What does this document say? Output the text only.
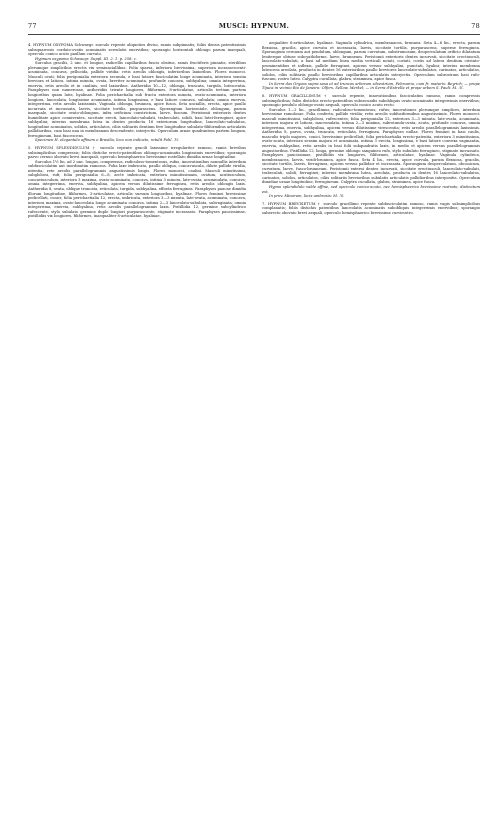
77	MUSCI: HYPNUM.	78

4. HYPNUM OXYPOMA Schwaegr. surculo repente aliquoties diviso, ramis subpinnatis; foliis densis patentissimis subsquarrosis cordato-ovatis acuminatis serrulatis enerviibus; sporangio horizontali oblongo parum inaequali, operculo conico acuto paullum curvato.

Hypnum oxypoma Schwaegr. Suppl. III. 2. 1. p. 258. c.

Surculus gracilis, 2 unc. et longior, radicellis capillaribus fuscis obsitus, ramis fructiferis pinnatis, sterilibus plerumque simplicibus erectis vix semiunciallibus. Folia sparsa, inferiora brevissima, superiora incrassescenti-acuminata, concava, pellucida, pallide viridia: retis areolis oblongis, inferioribus laxioribus. Flores monoeci. Masculi ovati; folia perigonialia exteriora secunda, e basi latiore fasciculatim longe acuminata, interiora sensim breviora et latiora, intima minuta, ovata, breviter acuminata, profunde concava, subhyalina; omnia integerrima, enervia, retis areolis et in caulinis, sed laxioribus. Antheridia 10—12, oblonga, truncata, turgida, lutescentia. Paraphyses non numerosae, antheridiis triente longiores, filiformes, 8-articulatae, articulis tertiam partem longioribus quam latis, hyalinae. Folia perichaetialia sub fructu exteriora minuta, ovato-acuminata, interiora longiora, lanceolata, longissime acuminata, intima longissima, e basi latiore concava, subulata; omnia enervia, integerrima, retis areolis laxissimis. Vaginula oblonga, brunnea, apice fusca. Seta unciallis, erecta, apice paullo incurvata et incrassata, laevis, siccitate tortilis, purpurascens. Sporangium horizontale, oblongum, parum inaequale, siccitate ovato-oblongum, infra orificium constrictum, laeve, fuscum. Peristomii exterioris dentes humiditate apice conniventes, siccitate erecti, lanceolato-subulati, trabeculati, solidi, basi lutei-ferruginei, apice subhyalini; interius membrana lutea in dentes producta 16 exteriorum longitudine, lanceolato-subulatos, longitudine acuminatos, solidos, articulatos, ciliis solitariis dentium fere longitudine subulato-filiformibus articulatis pallidioribus, cum basi una in membranam descendente, interjectis. Operculum urnae quadrantem partem longum, ferrugineum, basi fuscescens.

Specimen H. elegantulo affinem e Brasilia, loco non indicato, retulit Pohl. ℳ.

5. HYPNUM SPLENDIDULUM † surculo repente gracili laxissime irregulariter ramoso, ramis brevibus subsimplicibus compressis; foliis distiche erecto-patentibus oblongo-acuminatis longissimis enerviibus; sporangio parvo cernuo obovato brevi inaequali, operculo hemisphaerico brevissime rostellato dimidia urnae longitudine.

Surculus 1½ lin. ad 2 unc. longus, compressus, radiculoso-tomentosus, rufus, innovationibus nonnullis interdum subfasciculatim aut inordinatim ramosus. Folia laxe imbricata, paullo obliqua, concavuscula, dilute pallide viridia, nitentia; rete areolis parallelogrammis angustissimis longis. Flores monoeci, caulini. Masculi minutissimi, subglobosi, rufi; folia perigonialia 6—8, arcte imbricata, exteriora minutissimum, ovatum, acutiusculum, concaviusculum, interiora 3 maxima, ovato-acuminata, concava, intima 3 minora, late-ovata, acuminulata, concava; omnia integerrima, enervia, subhyalina, apicem versus dilutissime ferruginea, retis areolis oblongis laxis. Antheridia 8, ovata, oblique truncata, reticulata, turgida, subhyalina, effoeta ferruginea. Paraphyses paucae dimidia illorum longitudine, filiformes, 3-articulatae, articulis sursum longioribus, hyalinae. Flores feminei brevissime pedicellati, conici; folia perichaetialia 12, erecta, imbricata, exteriora 3—3 minuta, late-ovata, acuminata, concava, interiora maxima, ovato-lanceolata longe acuminata concava, intima 2—3 lanceolato-subulata, subvaginata; omnia integerrima, enervia, subhyalina, retis areolis parallelogrammis laxis. Pistillidia 12, germine subcylindrico rufescente, stylo subulato germine duplo longiori purpurascente, stigmate incrassato. Paraphyses paucissimae, pistillidiis vix longiores, filiformes, inaequaliter 6-articulatae, hyalinae.

aequaliter 6-articulatae, hyalinae. Vaginula cylindrica, membranacea, brunnea. Seta 4—6 lin., erecta, parum flexuosa, gracilis, apice curvata et incrassata, laevis, siccitate tortilis, purpurascens, superne ferruginea. Sporangium cernuum aut pendulum, oblongum, parum curvatum, substrumosum, deoperculatum orificio dilatatum leniterque obtuse subcyathiforme, laeve, brunneum. Peristomii exterioris dentes incurvati, siccitate crectiusculi, lanceolato-subulati, a basi ad medium linea media verticali notati, costati, costis ad latera dentium cristato-prominentibus et inflexis, pallide ferruginei, apicem versus subhyalini, punctati, hyalini; interius membrana lutescens areolata, producta in dentes 16 exterioribus paullo breviores lanceolato-subulatos, carinatos, articulatos, solidos, ciliis solitariis paullo brevioribus capillaribus articulatis interjectis. Operculum subrostrum basi rufo-fuscum, rostro luteo. Calyptra cucullata, glabra, straminea, apice fusca.

In Serra dos Orgaos supra saxa et ad truncos arborum silvestrium, Februario, cum fr. maturis: Beyrich; — prope Tijuca in vicinio Rio de Janeiro: Olfers, Sellow, Merkel; — in Serra d'Estrella et prope urbem S. Pauli: M. ℳ.

6. HYPNUM GRACILLIMUM † surculo repente, innovationibus fasciculatim ramoso, ramis compressis subsimplicibus; foliis distichis erecto-patentibus subsecundis subobliquis ovato-acuminatis integerrimis enerviibus; sporangio pendulo oblongo-ovato aequali, operculo conico acuto recto.

Surculus 1—2 lin., gracillimus, radiculoso-tomentosus, rufus; innovationes plerumque simplices, interdum brevissime ramulosae. Folia conferta, pallide viridia; retis areolis subfusiformibus angustissimis. Flores monoeci: masculi minutissimi, subglobosi, rufescentes; folia perigonialia 12, exteriora 3—3 minuta, late-ovata, acuminata, interiora majora et latiora, mucronulata, intima 2—3 minima, subrotunda-ovata, acuta, profunde concava, omnia integerrima, enervia, subhyalina, apicem versus dilutissime virescentia; retis areolis parallelogrammis laxissimis. Antheridia 8, parva, ovata, truncata, reticulata, ferruginea. Paraphyses nullae. Flores feminei in basi caulis, masculis triplo majores, conici, brevissime pedicellati; folia perichaetialia erecto-patentia, exteriora 3 minutissima, ovato-acuta, interiora sensim majora et acuminata, intima 3 erecta, longissima, e basi latiore convexa vaginantia, enervia, subhyalina, retis areolis in basi folii subquadratis laxis, in medio et apicem versus parallelogrammis angustioribus. Pistillidia 12, longa, germine oblongo sanguineo rufo, stylo subulato ferrugineo, stigmate incrassato. Paraphyses paucissimae, pistillidiis vix longiores, filiformes, articulatae, hyalinae. Vaginula cylindrica, membranacea, laevis, viridi-brunnea, apice fusca. Seta 4 lin., erecta, apice curvula, parum flexuosa, gracilis, siccitate tortilis, laevis, ferruginea, apicem versus pallidior et incrassata. Sporangium deoperculatum, obconicum, curvatum, laeve, fusco-brunneum. Peristomii externi dentes incurvati, siccitate erectiusculi, lanceolato-subulati, trabeculati, solidi, ferruginei; interius membrana lutea, areolata, producta in dentes 16 lanceolato-subulatos, carinatos, solidos, articulatos, ciliis solitariis brevioribus subulatis articulatis pallidioribus interpositis. Operculum dimidiae urnae longitudine, ferrugineum. Calyptra cucullata, glabra, straminea, apice fusca.

Hypno splendidulo valde affine, sed operculo conico-acuto, nec hemisphaerico brevissime rostrato, distinctum est.

In prov. Minarum, locis umbrosis: M. ℳ.

7. HYPNUM BREVISETUM † surculo gracillimo repente subfasciculatim ramoso, ramis vagis subsimplicibus complanatis; foliis distichis patentibus lanceolatis acuminatis subobliquis integerrimis enerviibus; sporangio suberecto obovato brevi aequali, operculo hemisphaerico brevissime curvirostro.
